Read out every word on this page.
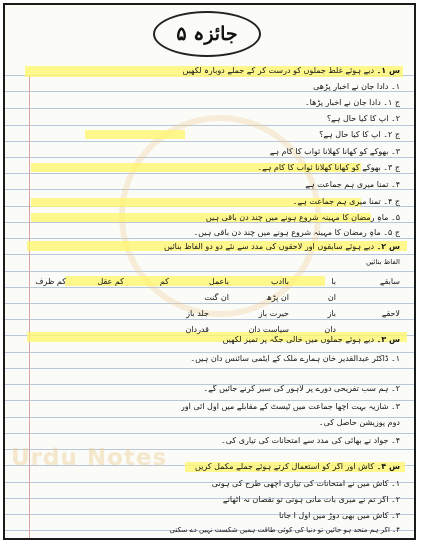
Urdu Notes
جائزہ ۵
س ۱۔ دیے ہوئے غلط جملوں کو درست کر کے جملے دوبارہ لکھیں
۱۔ دادا جان نے اخبار پڑھی
ج ۱۔ دادا جان نے اخبار پڑھا۔
۲۔ آپ کا کیا حال ہے؟
ج ۲۔ آپ کا کیا حال ہے؟
۳۔ بھوکے کو کھانا کھلانا ثواب کا کام ہے
ج ۳۔ بھوکے کو کھانا کھلانا ثواب کا کام ہے۔
۴۔ تمنا میری ہم جماعت ہے
ج ۴۔ تمنا میری ہم جماعت ہے۔
۵۔ ماہِ رمضان کا مہینہ شروع ہونے میں چند دن باقی ہیں
ج ۵۔ ماہِ رمضان کا مہینہ شروع ہونے میں چند دن باقی ہیں۔
س ۲۔ دیے ہوئے سابقوں اور لاحقوں کی مدد سے نئے دو دو الفاظ بنائیں
الفاظ بنائیں
سابقے
با
باادب
باعمل
کم
کم عقل
کم ظرف
ان
ان پڑھ
ان گنت
لاحقے
باز
حیرت باز
جلد باز
دان
سیاست دان
قدردان
س ۳۔ دیے ہوئے جملوں میں خالی جگہ پر تمیز لکھیں
۱۔ ڈاکٹر عبدالقدیر خان ہمارے ملک کے ایٹمی سائنس دان ہیں۔
۲۔ ہم سب تفریحی دورے پر لاہور کی سیر کرنے جائیں گے۔
۳۔ شازیہ بہت اچھا جماعت میں ٹیسٹ کے مقابلے میں اول آئی اور
دوم پوزیشن حاصل کی۔
۴۔ جواد نے بھائی کی مدد سے امتحانات کی تیاری کی۔
س ۴۔ کاش اور اگر کو استعمال کرتے ہوئے جملے مکمل کریں
۱۔ کاش میں نے امتحانات کی تیاری اچھی طرح کی ہوتی
۲۔ اگر تم نے میری بات مانی ہوتی تو نقصان نہ اٹھاتے
۳۔ کاش میں بھی دوڑ میں اول آ جاتا
۴۔ اگر ہم متحد ہو جائیں تو دنیا کی کوئی طاقت ہمیں شکست نہیں دے سکتی
